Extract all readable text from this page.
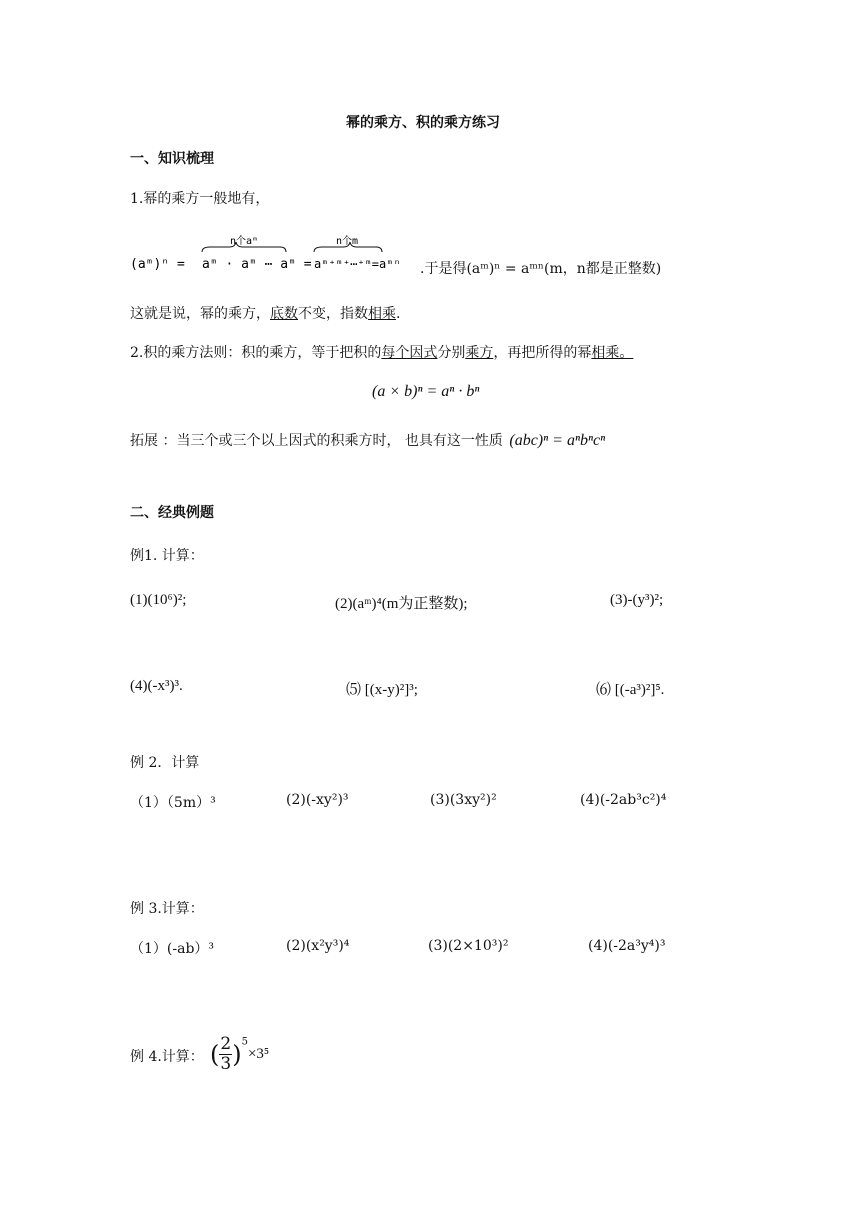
幂的乘方、积的乘方练习
一、知识梳理
1.幂的乘方一般地有，
n个aᵐ	n个m
(aᵐ)ⁿ = aᵐ · aᵐ ⋯ aᵐ = aᵐ⁺ᵐ⁺⋯⁺ᵐ=aᵐⁿ .于是得(aᵐ)ⁿ = aᵐⁿ(m，n都是正整数)
这就是说，幂的乘方，底数不变，指数相乘.
2.积的乘方法则：积的乘方，等于把积的每个因式分别乘方，再把所得的幂相乘。
(a × b)ⁿ = aⁿ · bⁿ
拓展 ：当三个或三个以上因式的积乘方时， 也具有这一性质 (abc)ⁿ = aⁿbⁿcⁿ
二、经典例题
例1. 计算：
(1)(10⁶)²;	(2)(aᵐ)⁴(m为正整数);	(3)-(y³)²;
(4)(-x³)³.	⑸ [(x-y)²]³;	⑹ [(-a³)²]⁵.
例 2．计算
（1）（5m）³	(2)(-xy²)³	(3)(3xy²)²	(4)(-2ab³c²)⁴
例 3.计算：
（1）(-ab）³	(2)(x²y³)⁴	(3)(2×10³)²	(4)(-2a³y⁴)³
例 4.计算： ( $\frac{2}{3} )^5\times 3^5$
